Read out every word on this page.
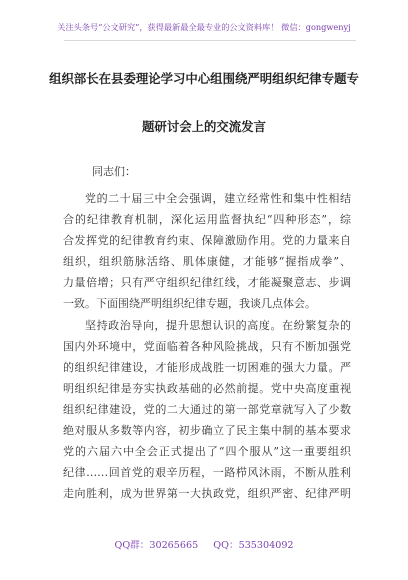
关注头条号“公文研究”，获得最新最全最专业的公文资料库！ 微信：gongwenyj
组织部长在县委理论学习中心组围绕严明组织纪律专题专
题研讨会上的交流发言
同志们：
党的二十届三中全会强调，建立经常性和集中性相结
合的纪律教育机制，深化运用监督执纪“四种形态”，综
合发挥党的纪律教育约束、保障激励作用。党的力量来自
组织，组织筋脉活络、肌体康健，才能够“握指成拳”、
力量倍增；只有严守组织纪律红线，才能凝聚意志、步调
一致。下面围绕严明组织纪律专题，我谈几点体会。
坚持政治导向，提升思想认识的高度。在纷繁复杂的
国内外环境中，党面临着各种风险挑战，只有不断加强党
的组织纪律建设，才能形成战胜一切困难的强大力量。严
明组织纪律是夯实执政基础的必然前提。党中央高度重视
组织纪律建设，党的二大通过的第一部党章就写入了少数
绝对服从多数等内容，初步确立了民主集中制的基本要求
党的六届六中全会正式提出了“四个服从”这一重要组织
纪律……回首党的艰辛历程，一路栉风沐雨，不断从胜利
走向胜利，成为世界第一大执政党，组织严密、纪律严明
QQ群：30265665 QQ：535304092
